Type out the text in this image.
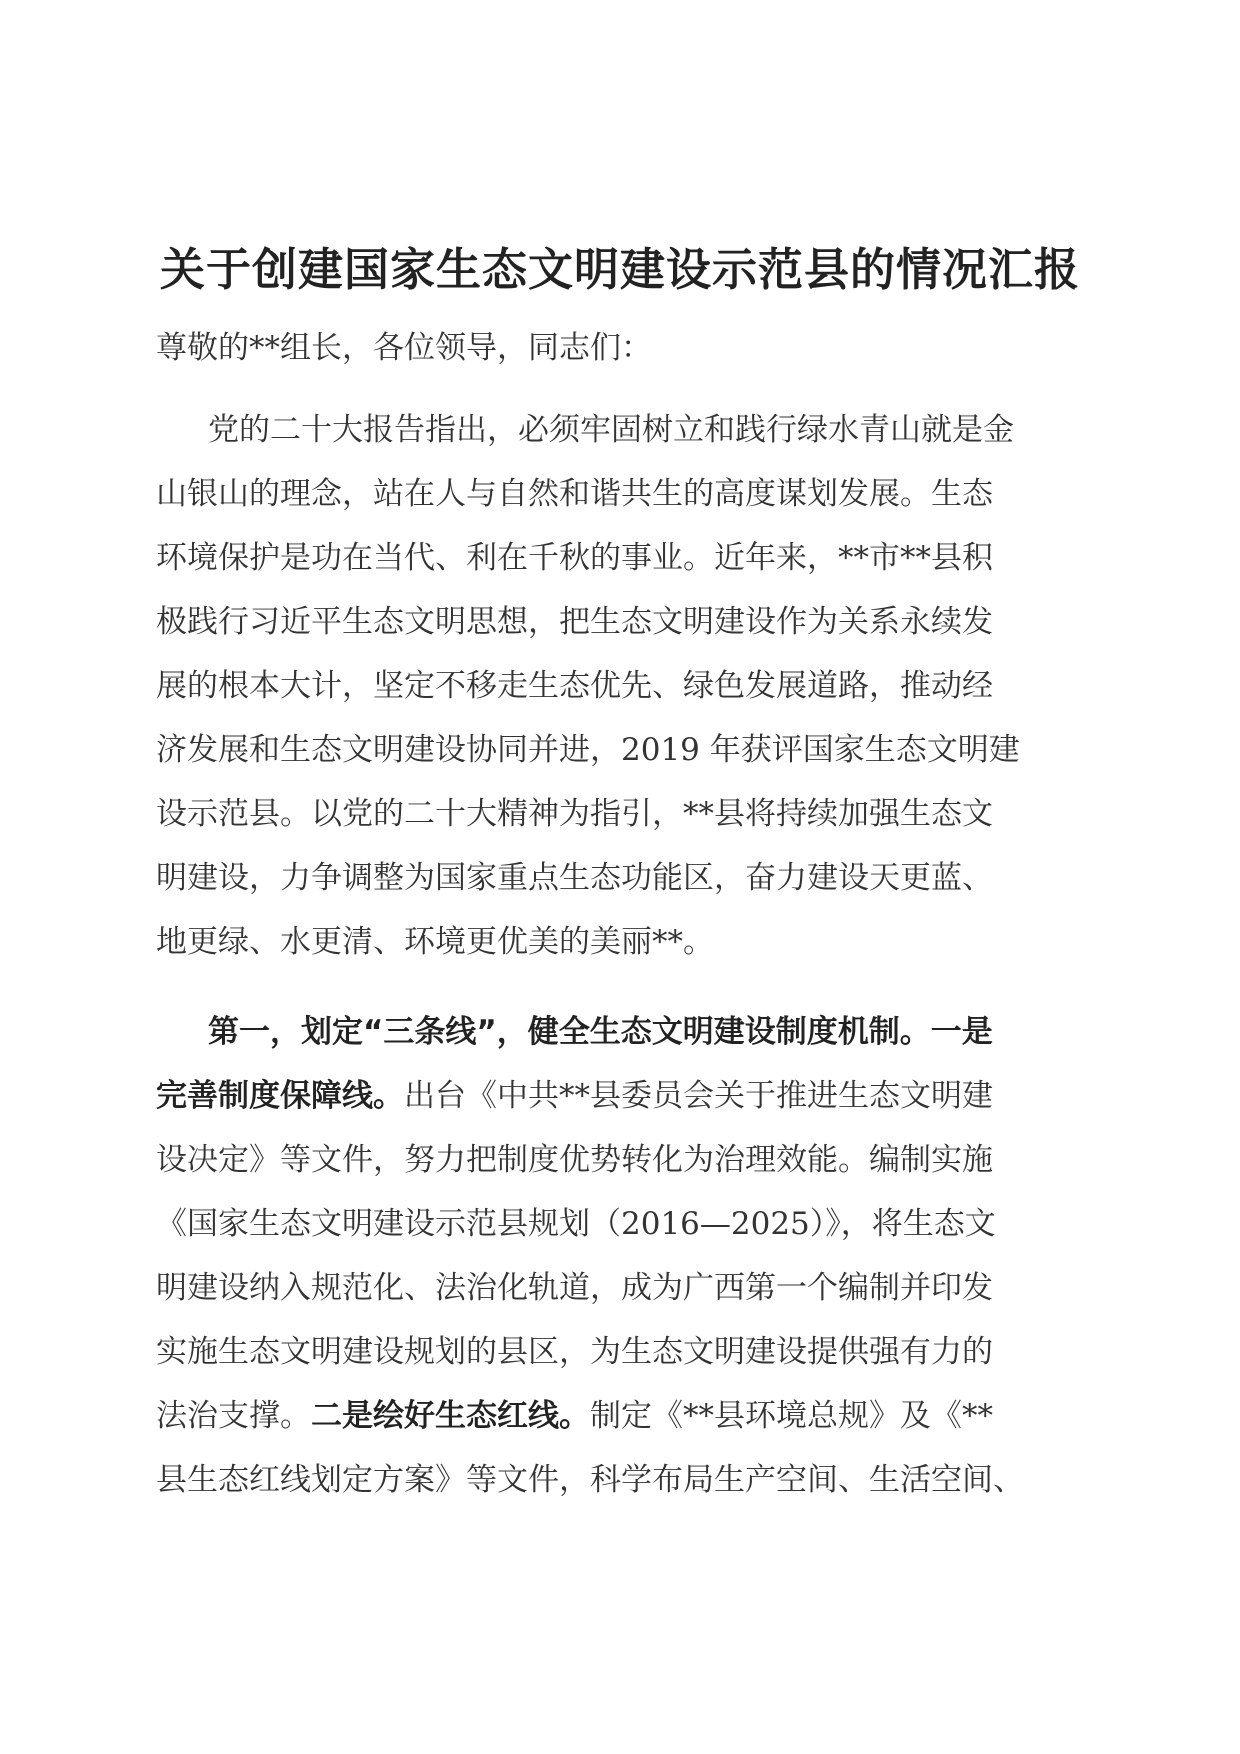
关于创建国家生态文明建设示范县的情况汇报
尊敬的**组长，各位领导，同志们：
党的二十大报告指出，必须牢固树立和践行绿水青山就是金
山银山的理念，站在人与自然和谐共生的高度谋划发展。生态
环境保护是功在当代、利在千秋的事业。近年来，**市**县积
极践行习近平生态文明思想，把生态文明建设作为关系永续发
展的根本大计，坚定不移走生态优先、绿色发展道路，推动经
济发展和生态文明建设协同并进，2019 年获评国家生态文明建
设示范县。以党的二十大精神为指引，**县将持续加强生态文
明建设，力争调整为国家重点生态功能区，奋力建设天更蓝、
地更绿、水更清、环境更优美的美丽**。
第一，划定“三条线”，健全生态文明建设制度机制。一是
完善制度保障线。出台《中共**县委员会关于推进生态文明建
设决定》等文件，努力把制度优势转化为治理效能。编制实施
《国家生态文明建设示范县规划（2016—2025）》，将生态文
明建设纳入规范化、法治化轨道，成为广西第一个编制并印发
实施生态文明建设规划的县区，为生态文明建设提供强有力的
法治支撑。二是绘好生态红线。制定《**县环境总规》及《**
县生态红线划定方案》等文件，科学布局生产空间、生活空间、
